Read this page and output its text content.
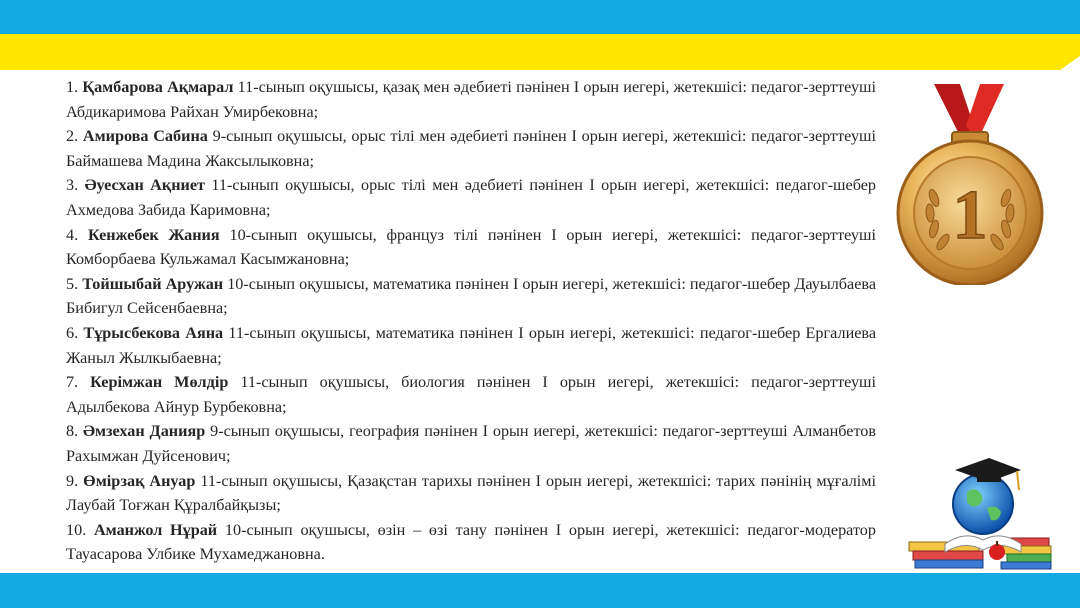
1. Қамбарова Ақмарал 11-сынып оқушысы, қазақ мен әдебиеті пәнінен І орын иегері, жетекшісі: педагог-зерттеуші Абдикаримова Райхан Умирбековна;
2. Амирова Сабина 9-сынып оқушысы, орыс тілі мен әдебиеті пәнінен І орын иегері, жетекшісі: педагог-зерттеуші Баймашева Мадина Жаксылыковна;
3. Әуесхан Ақниет 11-сынып оқушысы, орыс тілі мен әдебиеті пәнінен І орын иегері, жетекшісі: педагог-шебер Ахмедова Забида Каримовна;
4. Кенжебек Жания 10-сынып оқушысы, француз тілі пәнінен І орын иегері, жетекшісі: педагог-зерттеуші Комборбаева Кульжамал Касымжановна;
5. Тойшыбай Аружан 10-сынып оқушысы, математика пәнінен І орын иегері, жетекшісі: педагог-шебер Дауылбаева Бибигул Сейсенбаевна;
6. Тұрысбекова Аяна 11-сынып оқушысы, математика пәнінен І орын иегері, жетекшісі: педагог-шебер Ергалиева Жаныл Жылкыбаевна;
7. Керімжан Мөлдір 11-сынып оқушысы, биология пәнінен І орын иегері, жетекшісі: педагог-зерттеуші Адылбекова Айнур Бурбековна;
8. Әмзехан Данияр 9-сынып оқушысы, география пәнінен І орын иегері, жетекшісі: педагог-зерттеуші Алманбетов Рахымжан Дуйсенович;
9. Өмірзақ Ануар 11-сынып оқушысы, Қазақстан тарихы пәнінен І орын иегері, жетекшісі: тарих пәнінің мұғалімі Лаубай Тоғжан Құралбайқызы;
10. Аманжол Нұрай 10-сынып оқушысы, өзін – өзі тану пәнінен І орын иегері, жетекшісі: педагог-модератор Тауасарова Улбике Мухамеджановна.
1
